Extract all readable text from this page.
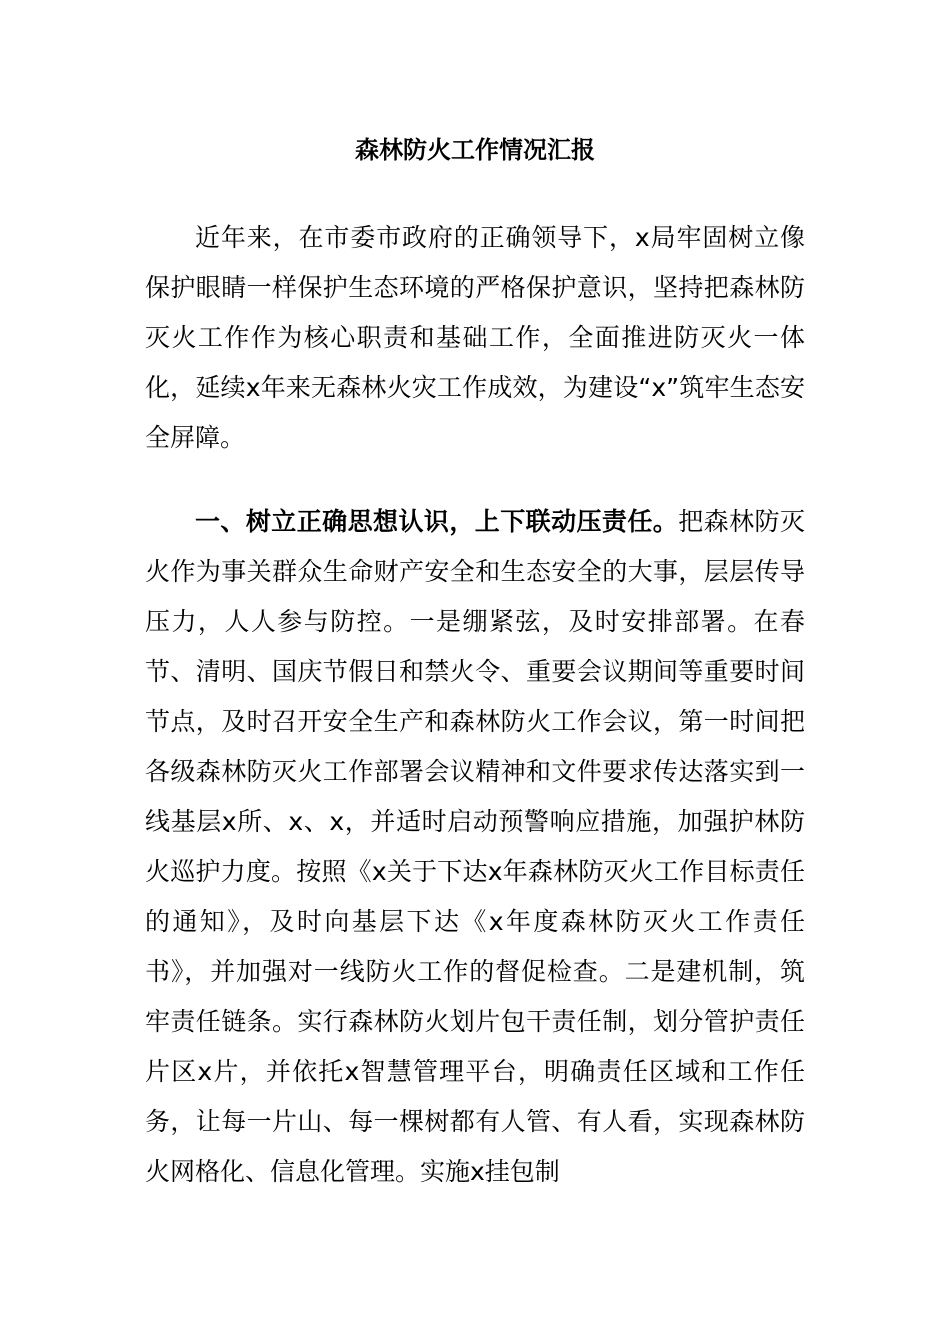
森林防火工作情况汇报

近年来，在市委市政府的正确领导下，x局牢固树立像保护眼睛一样保护生态环境的严格保护意识，坚持把森林防灭火工作作为核心职责和基础工作，全面推进防灭火一体化，延续x年来无森林火灾工作成效，为建设“x”筑牢生态安全屏障。

一、树立正确思想认识，上下联动压责任。把森林防灭火作为事关群众生命财产安全和生态安全的大事，层层传导压力，人人参与防控。一是绷紧弦，及时安排部署。在春节、清明、国庆节假日和禁火令、重要会议期间等重要时间节点，及时召开安全生产和森林防火工作会议，第一时间把各级森林防灭火工作部署会议精神和文件要求传达落实到一线基层x所、x、x，并适时启动预警响应措施，加强护林防火巡护力度。按照《x关于下达x年森林防灭火工作目标责任的通知》，及时向基层下达《x年度森林防灭火工作责任书》，并加强对一线防火工作的督促检查。二是建机制，筑牢责任链条。实行森林防火划片包干责任制，划分管护责任片区x片，并依托x智慧管理平台，明确责任区域和工作任务，让每一片山、每一棵树都有人管、有人看，实现森林防火网格化、信息化管理。实施x挂包制
